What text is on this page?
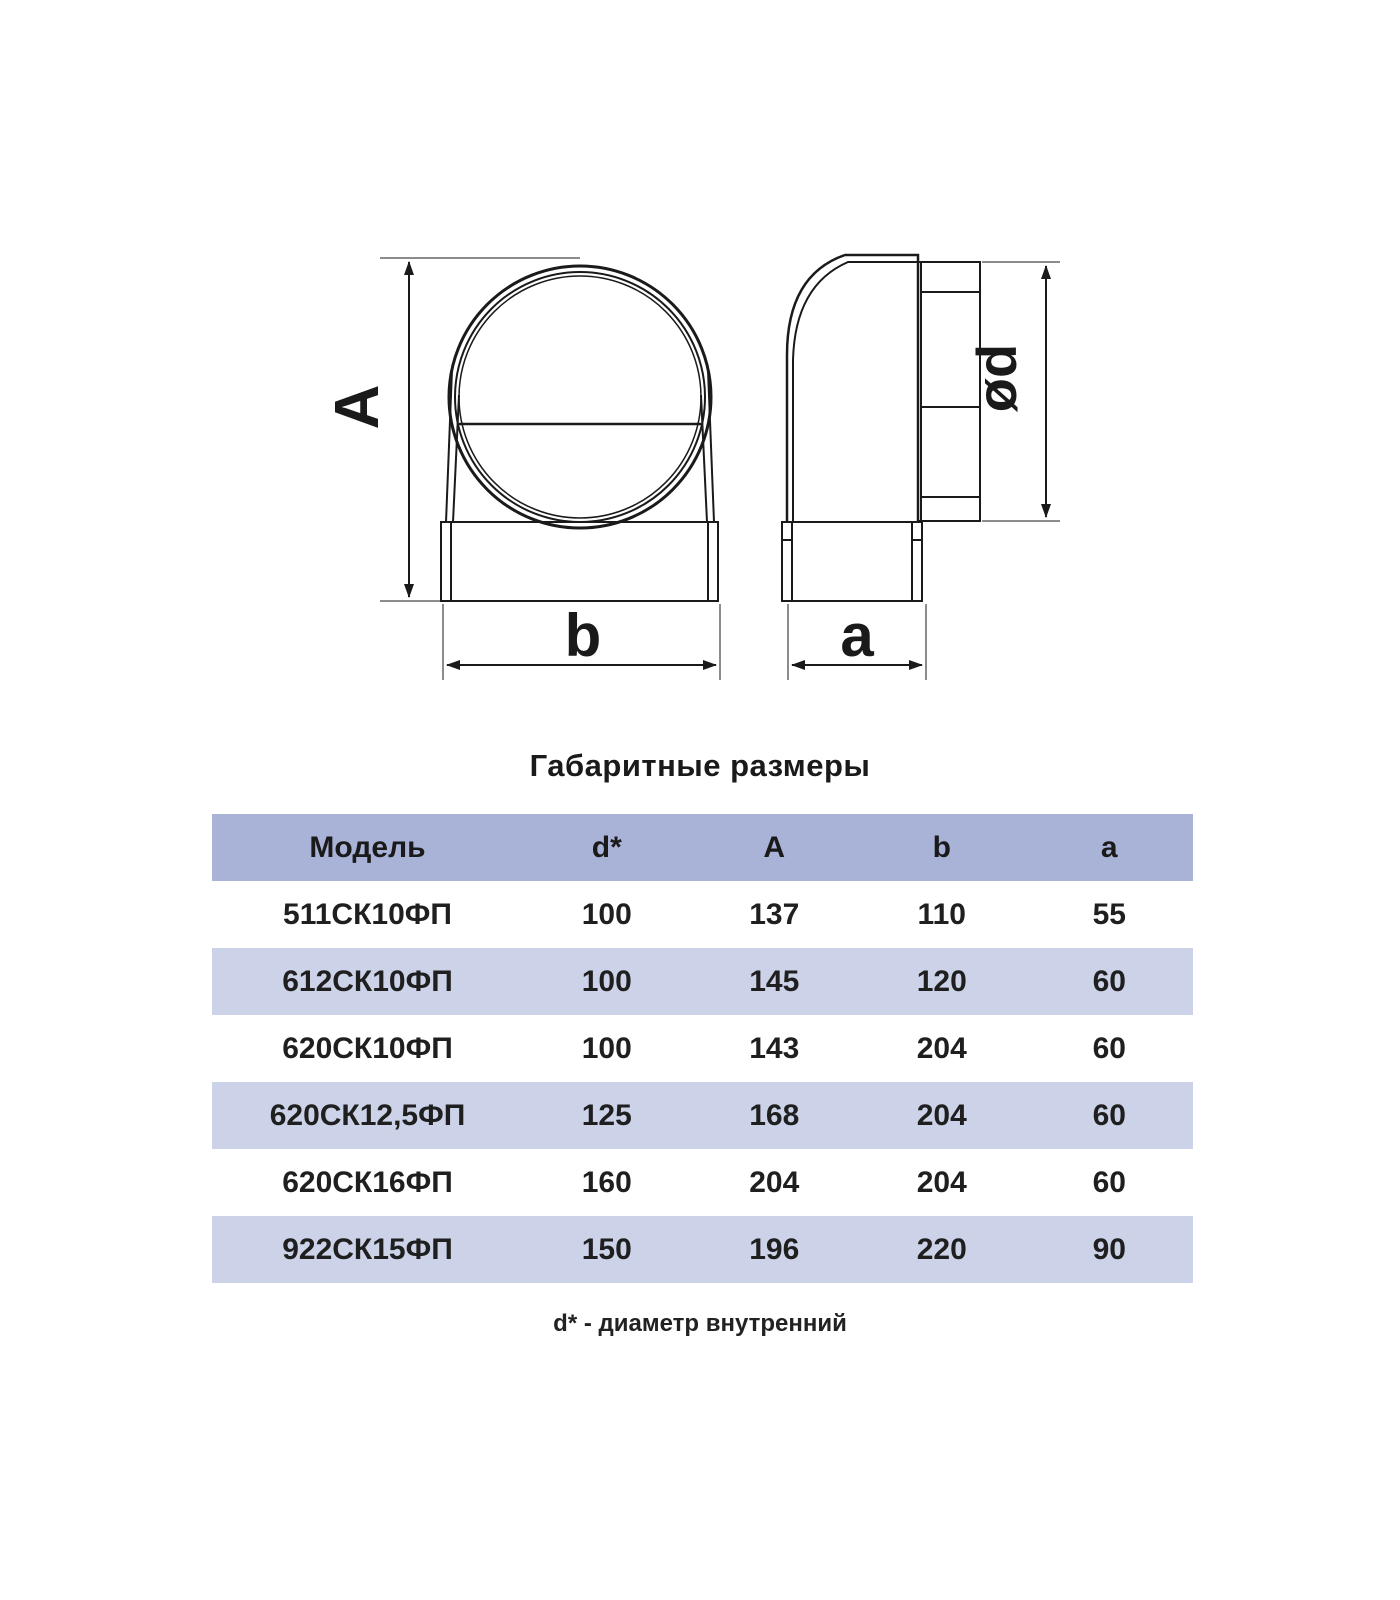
A
b
ød
a
Габаритные размеры
Модель	d*	A	b	a
511СК10ФП	100	137	110	55
612СК10ФП	100	145	120	60
620СК10ФП	100	143	204	60
620СК12,5ФП	125	168	204	60
620СК16ФП	160	204	204	60
922СК15ФП	150	196	220	90
d* - диаметр внутренний
